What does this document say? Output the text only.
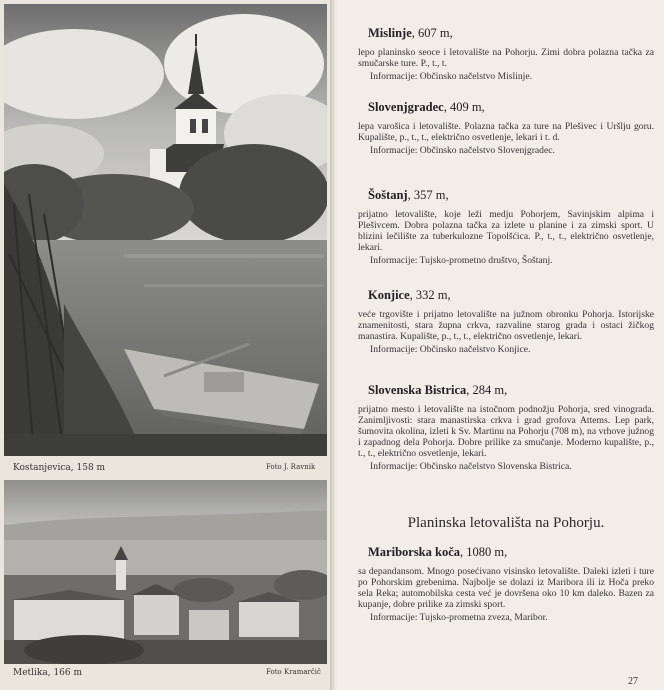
Kostanjevica, 158 m	Foto J. Ravnik
Metlika, 166 m	Foto Kramarčič
Mislinje, 607 m,

lepo planinsko seoce i letovalište na Pohorju. Zimi dobra polazna tačka za smučarske ture. P., t., t.

Informacije: Občinsko načelstvo Mislinje.

Slovenjgradec, 409 m,

lepa varošica i letovalište. Polazna tačka za ture na Plešivec i Uršlju goru. Kupalište, p., t., t., električno osvetlenje, lekari i t. d.

Informacije: Občinsko načelstvo Slovenjgradec.

Šoštanj, 357 m,

prijatno letovalište, koje leži medju Pohorjem, Savinjskim alpima i Plešivcem. Dobra polazna tačka za izlete u planine i za zimski sport. U blizini lečilište za tuberkulozne Topolšćica. P., t., t., električno osvetlenje, lekari.

Informacije: Tujsko-prometno društvo, Šoštanj.

Konjice, 332 m,

veće trgovište i prijatno letovalište na južnom obronku Pohorja. Istorijske znamenitosti, stara župna crkva, razvaline starog grada i ostaci žičkog manastira. Kupalište, p., t., t., električno osvetlenje, lekari.

Informacije: Občinsko načelstvo Konjice.

Slovenska Bistrica, 284 m,

prijatno mesto i letovalište na istočnom podnožju Pohorja, sred vinograda. Zanimljivosti: stara manastirska crkva i grad grofova Attems. Lep park, šumovita okolina, izleti k Sv. Martinu na Pohorju (708 m), na vrhove južnog i zapadnog dela Pohorja. Dobre prilike za smučanje. Moderno kupalište, p., t., t., električno osvetlenje, lekari.

Informacije: Občinsko načelstvo Slovenska Bistrica.

Planinska letovališta na Pohorju.
Mariborska koča, 1080 m,

sa depandansom. Mnogo posećivano visinsko letovalište. Daleki izleti i ture po Pohorskim grebenima. Najbolje se dolazi iz Maribora ili iz Hoča preko sela Reka; automobilska cesta već je dovršena oko 10 km daleko. Bazen za kupanje, dobre prilike za zimski sport.

Informacije: Tujsko-prometna zveza, Maribor.

27
